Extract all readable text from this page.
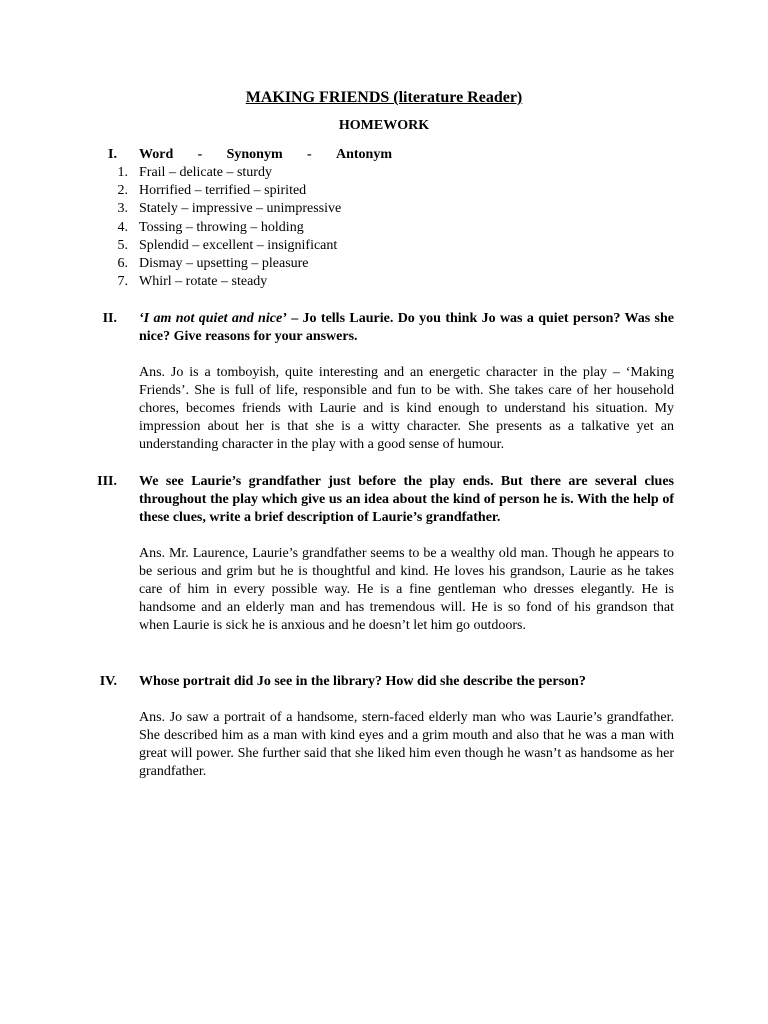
MAKING FRIENDS (literature Reader)
HOMEWORK
I. Word - Synonym - Antonym
1. Frail – delicate – sturdy
2. Horrified – terrified – spirited
3. Stately – impressive – unimpressive
4. Tossing – throwing – holding
5. Splendid – excellent – insignificant
6. Dismay – upsetting – pleasure
7. Whirl – rotate – steady
II. ‘I am not quiet and nice’ – Jo tells Laurie. Do you think Jo was a quiet person? Was she nice? Give reasons for your answers.
Ans. Jo is a tomboyish, quite interesting and an energetic character in the play – ‘Making Friends’. She is full of life, responsible and fun to be with. She takes care of her household chores, becomes friends with Laurie and is kind enough to understand his situation. My impression about her is that she is a witty character. She presents as a talkative yet an understanding character in the play with a good sense of humour.
III. We see Laurie’s grandfather just before the play ends. But there are several clues throughout the play which give us an idea about the kind of person he is. With the help of these clues, write a brief description of Laurie’s grandfather.
Ans. Mr. Laurence, Laurie’s grandfather seems to be a wealthy old man. Though he appears to be serious and grim but he is thoughtful and kind. He loves his grandson, Laurie as he takes care of him in every possible way. He is a fine gentleman who dresses elegantly. He is handsome and an elderly man and has tremendous will. He is so fond of his grandson that when Laurie is sick he is anxious and he doesn’t let him go outdoors.
IV. Whose portrait did Jo see in the library? How did she describe the person?
Ans. Jo saw a portrait of a handsome, stern-faced elderly man who was Laurie’s grandfather. She described him as a man with kind eyes and a grim mouth and also that he was a man with great will power. She further said that she liked him even though he wasn’t as handsome as her grandfather.
